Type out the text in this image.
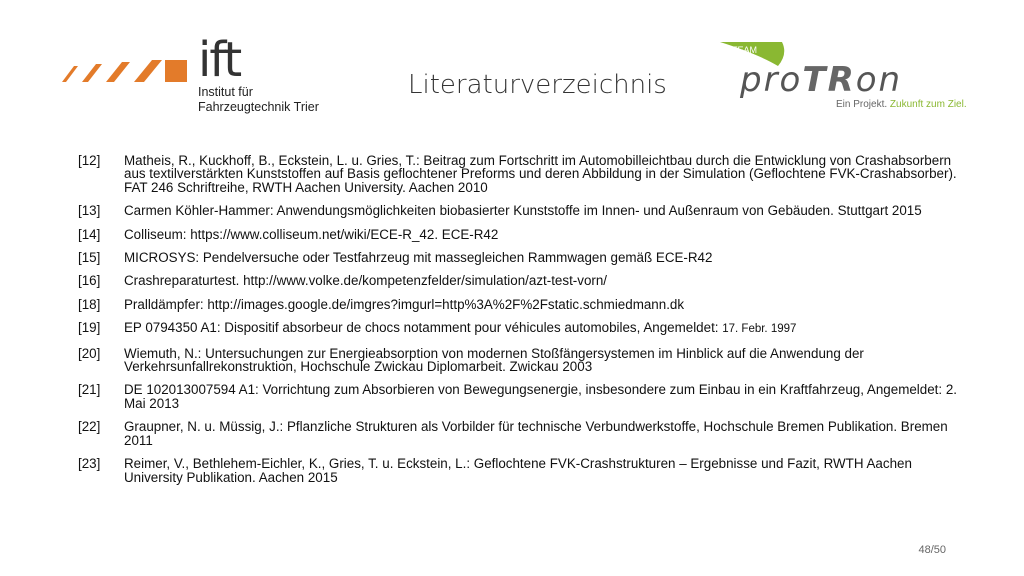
ift
Institut für
Fahrzeugtechnik Trier
Literaturverzeichnis
TEAM
proTRon
Ein Projekt. Zukunft zum Ziel.
[12]	Matheis, R., Kuckhoff, B., Eckstein, L. u. Gries, T.: Beitrag zum Fortschritt im Automobilleichtbau durch die Entwicklung von Crashabsorbern aus textilverstärkten Kunststoffen auf Basis geflochtener Preforms und deren Abbildung in der Simulation (Geflochtene FVK-Crashabsorber). FAT 246 Schriftreihe, RWTH Aachen University. Aachen 2010
[13]	Carmen Köhler-Hammer: Anwendungsmöglichkeiten biobasierter Kunststoffe im Innen- und Außenraum von Gebäuden. Stuttgart 2015
[14]	Colliseum: https://www.colliseum.net/wiki/ECE-R_42. ECE-R42
[15]	MICROSYS: Pendelversuche oder Testfahrzeug mit massegleichen Rammwagen gemäß ECE-R42
[16]	Crashreparaturtest. http://www.volke.de/kompetenzfelder/simulation/azt-test-vorn/
[18]	Pralldämpfer: http://images.google.de/imgres?imgurl=http%3A%2F%2Fstatic.schmiedmann.dk
[19]	EP 0794350 A1: Dispositif absorbeur de chocs notamment pour véhicules automobiles, Angemeldet: 17. Febr. 1997
[20]	Wiemuth, N.: Untersuchungen zur Energieabsorption von modernen Stoßfängersystemen im Hinblick auf die Anwendung der Verkehrsunfallrekonstruktion, Hochschule Zwickau Diplomarbeit. Zwickau 2003
[21]	DE 102013007594 A1: Vorrichtung zum Absorbieren von Bewegungsenergie, insbesondere zum Einbau in ein Kraftfahrzeug, Angemeldet: 2. Mai 2013
[22]	Graupner, N. u. Müssig, J.: Pflanzliche Strukturen als Vorbilder für technische Verbundwerkstoffe, Hochschule Bremen Publikation. Bremen 2011
[23]	Reimer, V., Bethlehem-Eichler, K., Gries, T. u. Eckstein, L.: Geflochtene FVK-Crashstrukturen – Ergebnisse und Fazit, RWTH Aachen University Publikation. Aachen 2015
48/50
